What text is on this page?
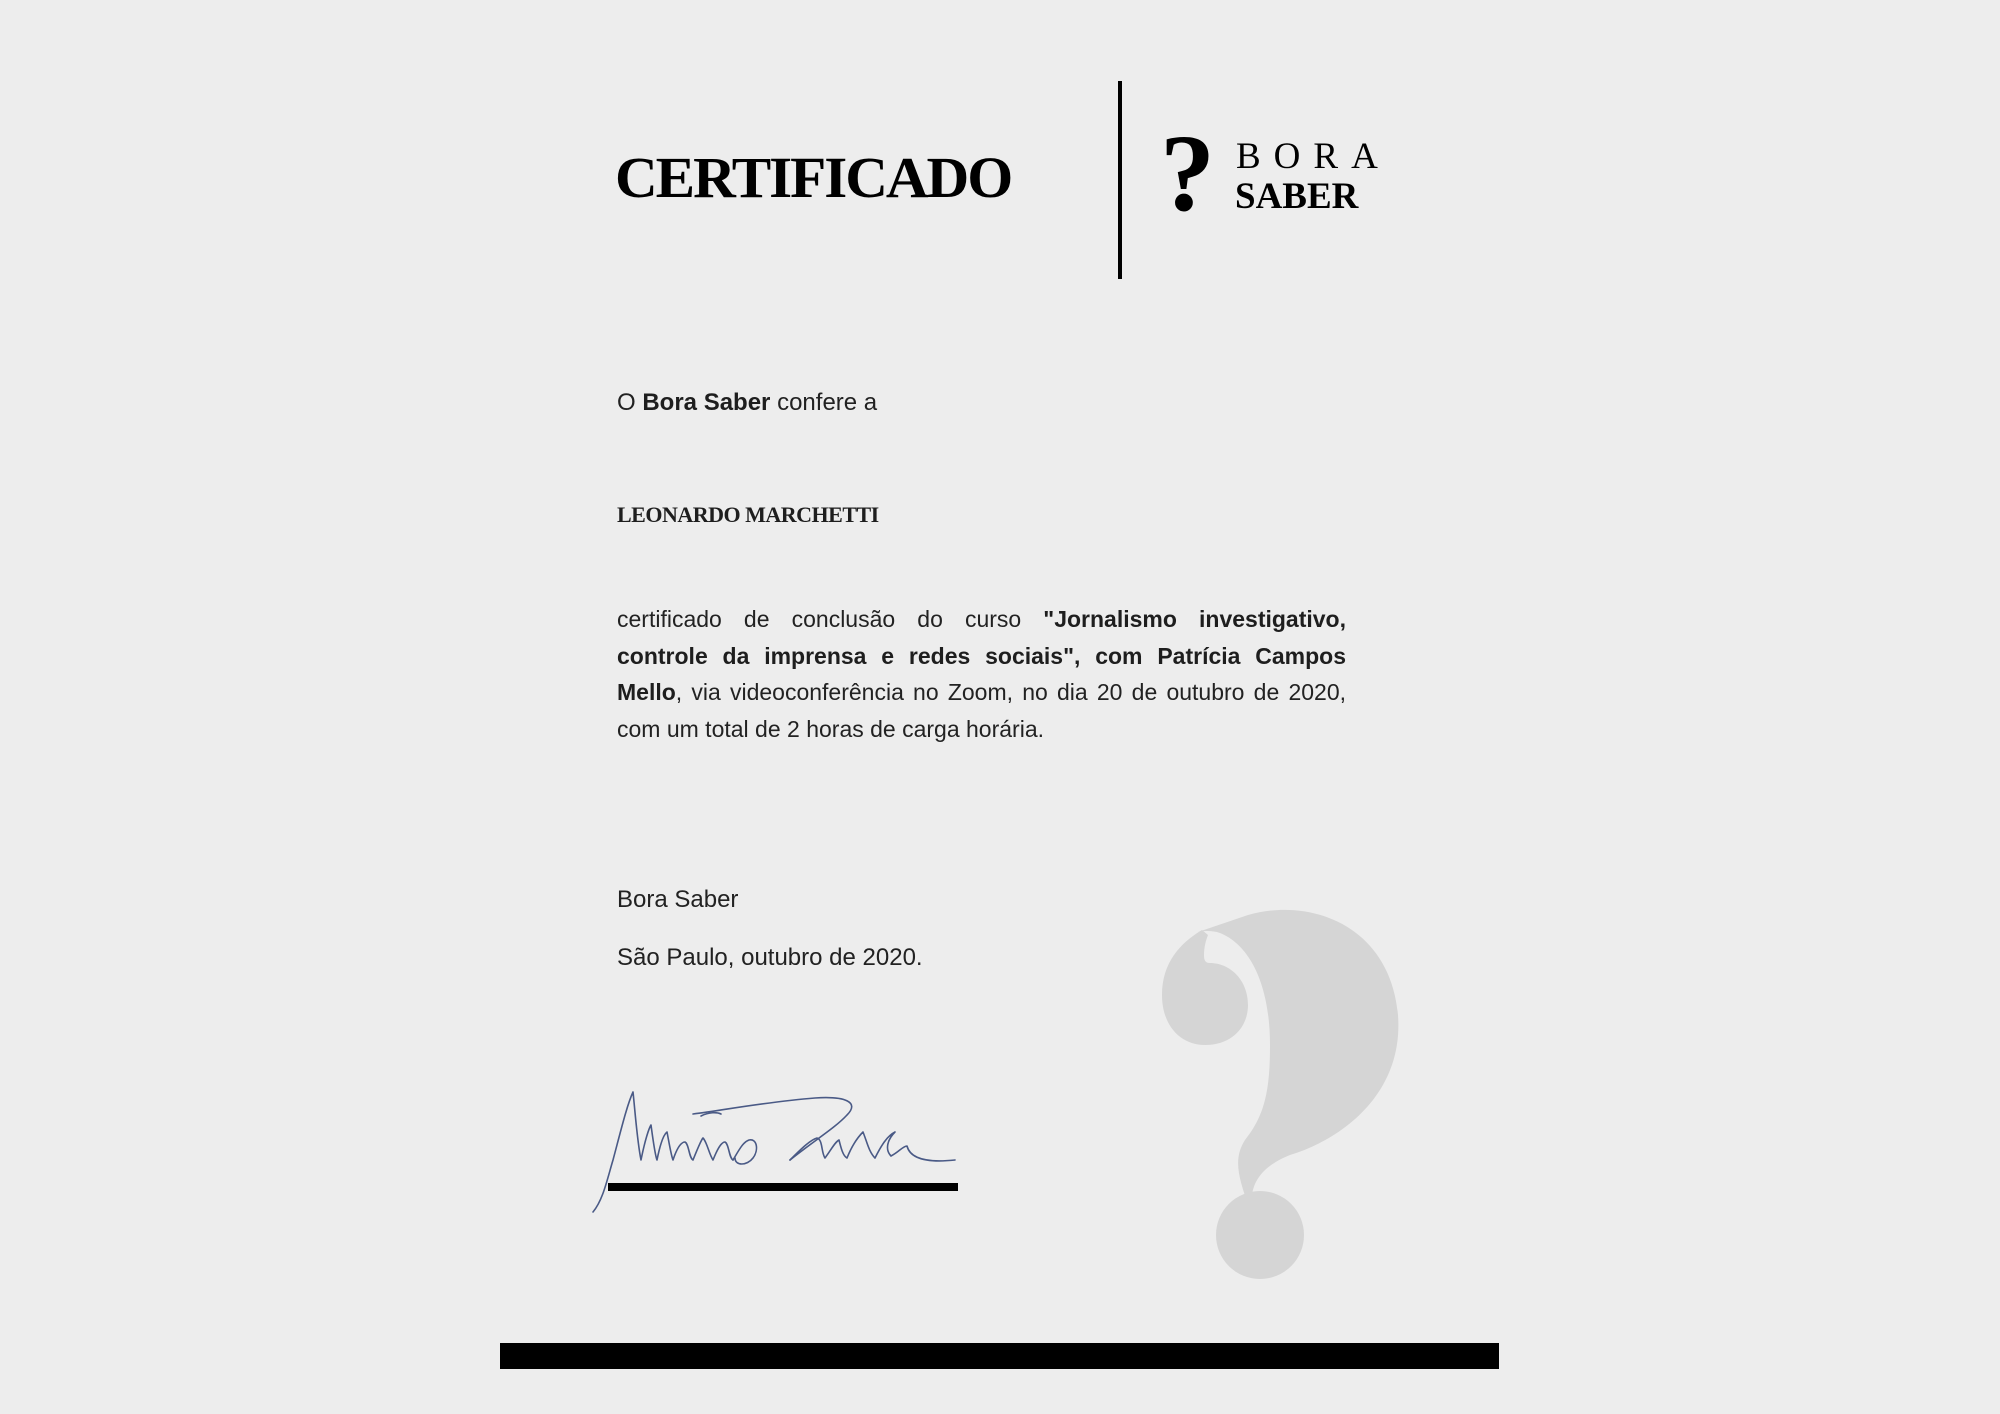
CERTIFICADO ? BORA
SABER
O Bora Saber confere a
LEONARDO MARCHETTI
certificado de conclusão do curso "Jornalismo investigativo, controle da imprensa e redes sociais", com Patrícia Campos Mello, via videoconferência no Zoom, no dia 20 de outubro de 2020, com um total de 2 horas de carga horária.
Bora Saber
São Paulo, outubro de 2020.
